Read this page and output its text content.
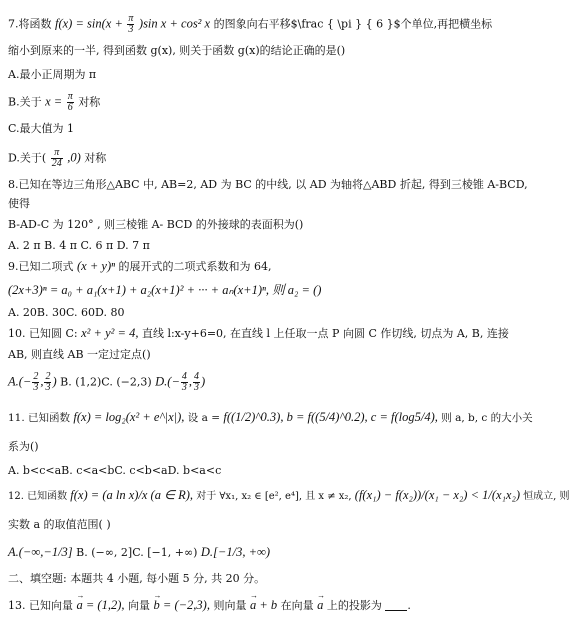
7.将函数 $f(x) = \sin(x + \frac{\pi}{3} )\sin$ x + cos² x 的图象向右平移$\frac { \pi } { 6 }$个单位,再把横坐标
缩小到原来的一半, 得到函数 g(x), 则关于函数 g(x)的结论正确的是()
A.最小正周期为 π
B.关于 $x = \frac{\pi}{6}$ 对称
C.最大值为 1
D.关于( $\frac{\pi}{24} ,0$) 对称
8.已知在等边三角形△ABC 中, AB=2, AD 为 BC 的中线, 以 AD 为轴将△ABD 折起, 得到三棱锥 A-BCD,
使得
B-AD-C 为 120° , 则三棱锥 A- BCD 的外接球的表面积为()
A. 2 π B. 4 π C. 6 π D. 7 π
9.已知二项式 (x + y)ⁿ 的展开式的二项式系数和为 64,
(2x+3)ⁿ = a₀ + a₁(x+1) + a₂(x+1)² + ··· + aₙ(x+1)ⁿ, 则 a₂ = ()
A. 20B. 30C. 60D. 80
10. 已知圆 C: x² + y² = 4, 直线 l:x-y+6=0, 在直线 l 上任取一点 P 向圆 C 作切线, 切点为 A, B, 连接
AB, 则直线 AB 一定过定点()
$A.(- \frac{2}{3}$ , $\frac{2}{3}$ ) B. (1,2)C. (−2,3) $D.(- \frac{4}{3}$ , $\frac{4}{3}$ )
11. 已知函数 f(x) = log₂(x² + e^|x|), 设 a = f((1/2)^0.3), b = f((5/4)^0.2), c = f(log5/4), 则 a, b, c 的大小关
系为()
A. b<c<aB. c<a<bC. c<b<aD. b<a<c
12. 已知函数 f(x) = (a ln x)/x (a ∈ R), 对于 ∀x₁, x₂ ∈ [e², e⁴], 且 x ≠ x₂, (f(x₁) − f(x₂))/(x₁ − x₂) < 1/(x₁x₂) 恒成立, 则
实数 a 的取值范围( )
A.(−∞,−1/3] B. (−∞, 2]C. [−1, +∞) D.[−1/3, +∞)
二、填空题: 本题共 4 小题, 每小题 5 分, 共 20 分。
13. 已知向量 → a = (1,2), 向量 → b = (−2,3), 则向量 → a + b 在向量 → a 上的投影为 .
